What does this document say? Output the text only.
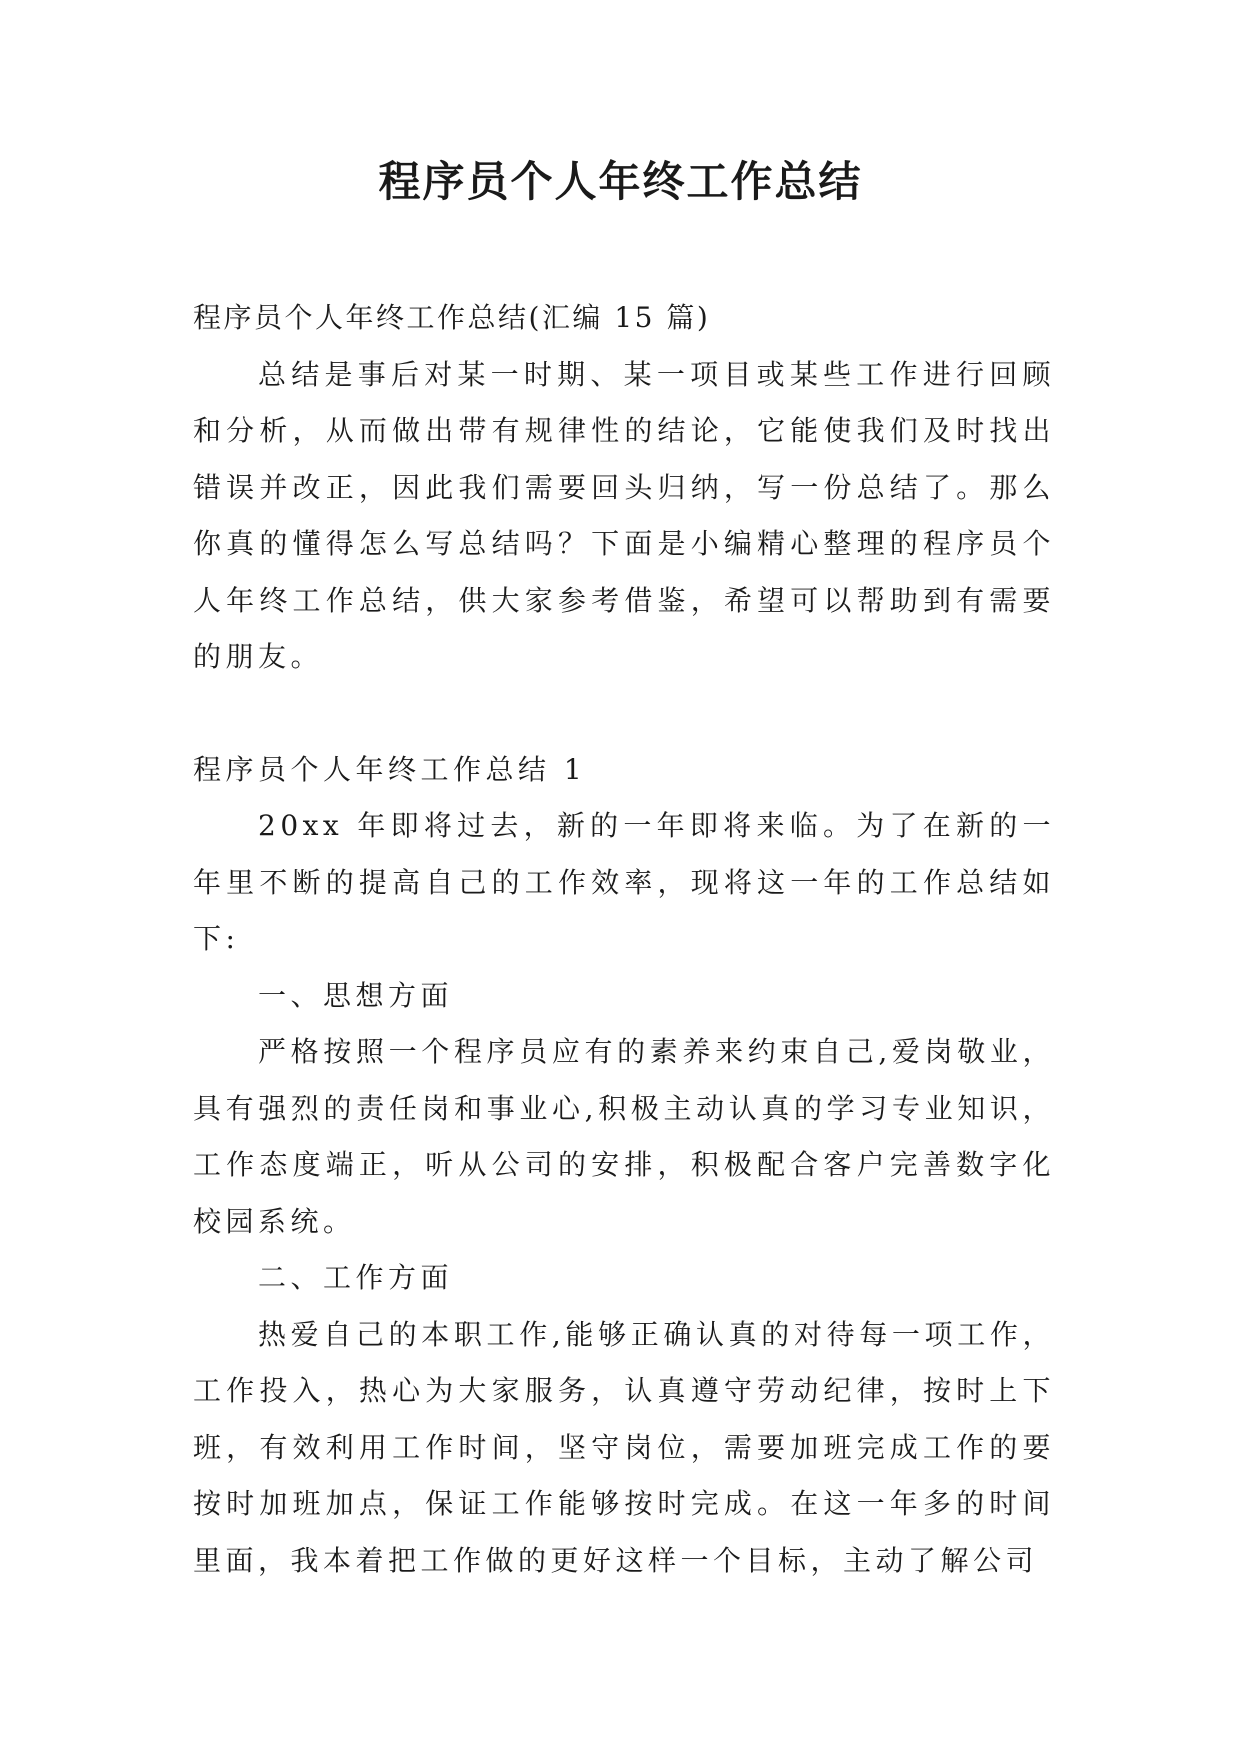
程序员个人年终工作总结

程序员个人年终工作总结(汇编 15 篇)

总结是事后对某一时期、某一项目或某些工作进行回顾和分析，从而做出带有规律性的结论，它能使我们及时找出错误并改正，因此我们需要回头归纳，写一份总结了。那么你真的懂得怎么写总结吗？下面是小编精心整理的程序员个人年终工作总结，供大家参考借鉴，希望可以帮助到有需要的朋友。

程序员个人年终工作总结 1

20xx 年即将过去，新的一年即将来临。为了在新的一年里不断的提高自己的工作效率，现将这一年的工作总结如下:

一、思想方面

严格按照一个程序员应有的素养来约束自己,爱岗敬业，具有强烈的责任岗和事业心,积极主动认真的学习专业知识，工作态度端正，听从公司的安排，积极配合客户完善数字化校园系统。

二、工作方面

热爱自己的本职工作,能够正确认真的对待每一项工作，工作投入，热心为大家服务，认真遵守劳动纪律，按时上下班，有效利用工作时间，坚守岗位，需要加班完成工作的要按时加班加点，保证工作能够按时完成。在这一年多的时间里面，我本着把工作做的更好这样一个目标，主动了解公司
